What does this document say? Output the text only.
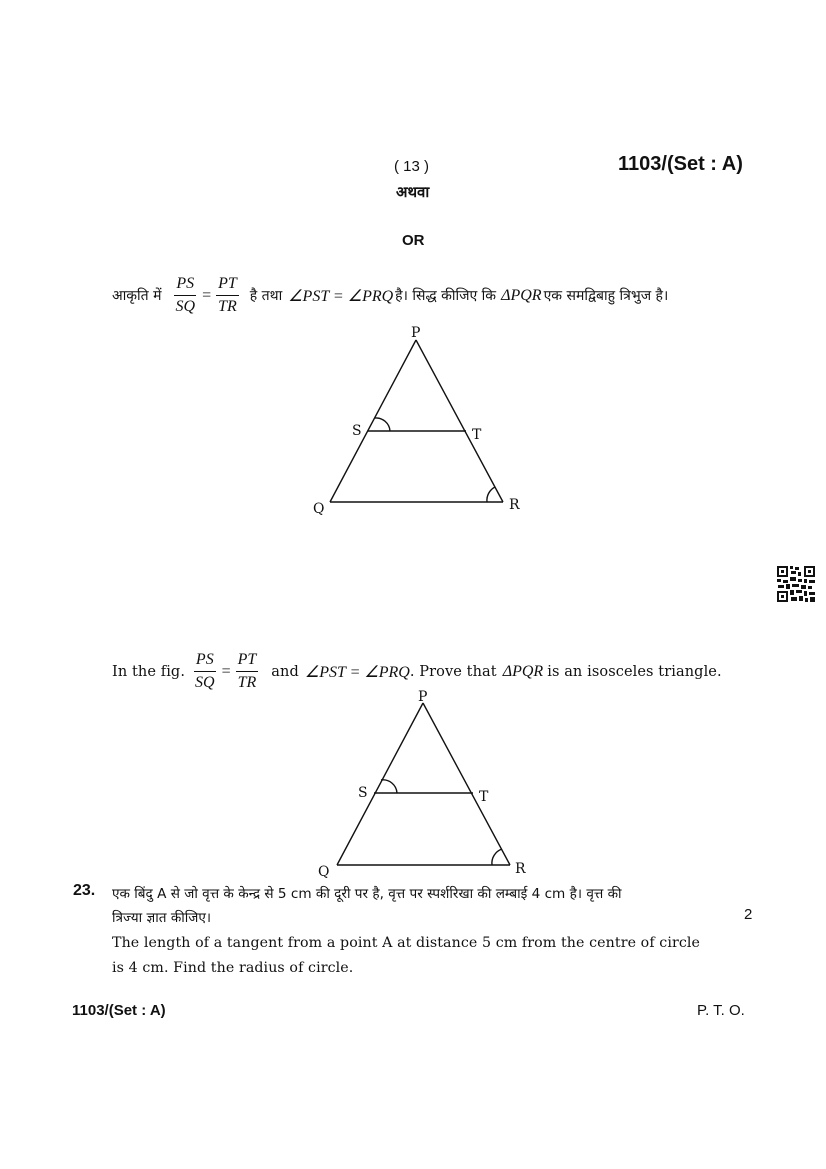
( 13 )	1103/(Set : A)
अथवा
OR
आकृति में $\frac{PS}{SQ} = \frac{PT}{TR}$ है तथा ∠PST = ∠PRQ है। सिद्ध कीजिए कि ΔPQR एक समद्विबाहु त्रिभुज है।
P
S	T
Q	R
In the fig. $\frac{PS}{SQ} = \frac{PT}{TR}$ and ∠PST = ∠PRQ . Prove that ΔPQR is an isosceles triangle.
P
S	T
Q	R
23. एक बिंदु A से जो वृत्त के केन्द्र से 5 cm की दूरी पर है, वृत्त पर स्पर्शरिखा की लम्बाई 4 cm है। वृत्त की
त्रिज्या ज्ञात कीजिए।	2
The length of a tangent from a point A at distance 5 cm from the centre of circle
is 4 cm. Find the radius of circle.
1103/(Set : A)	P. T. O.
